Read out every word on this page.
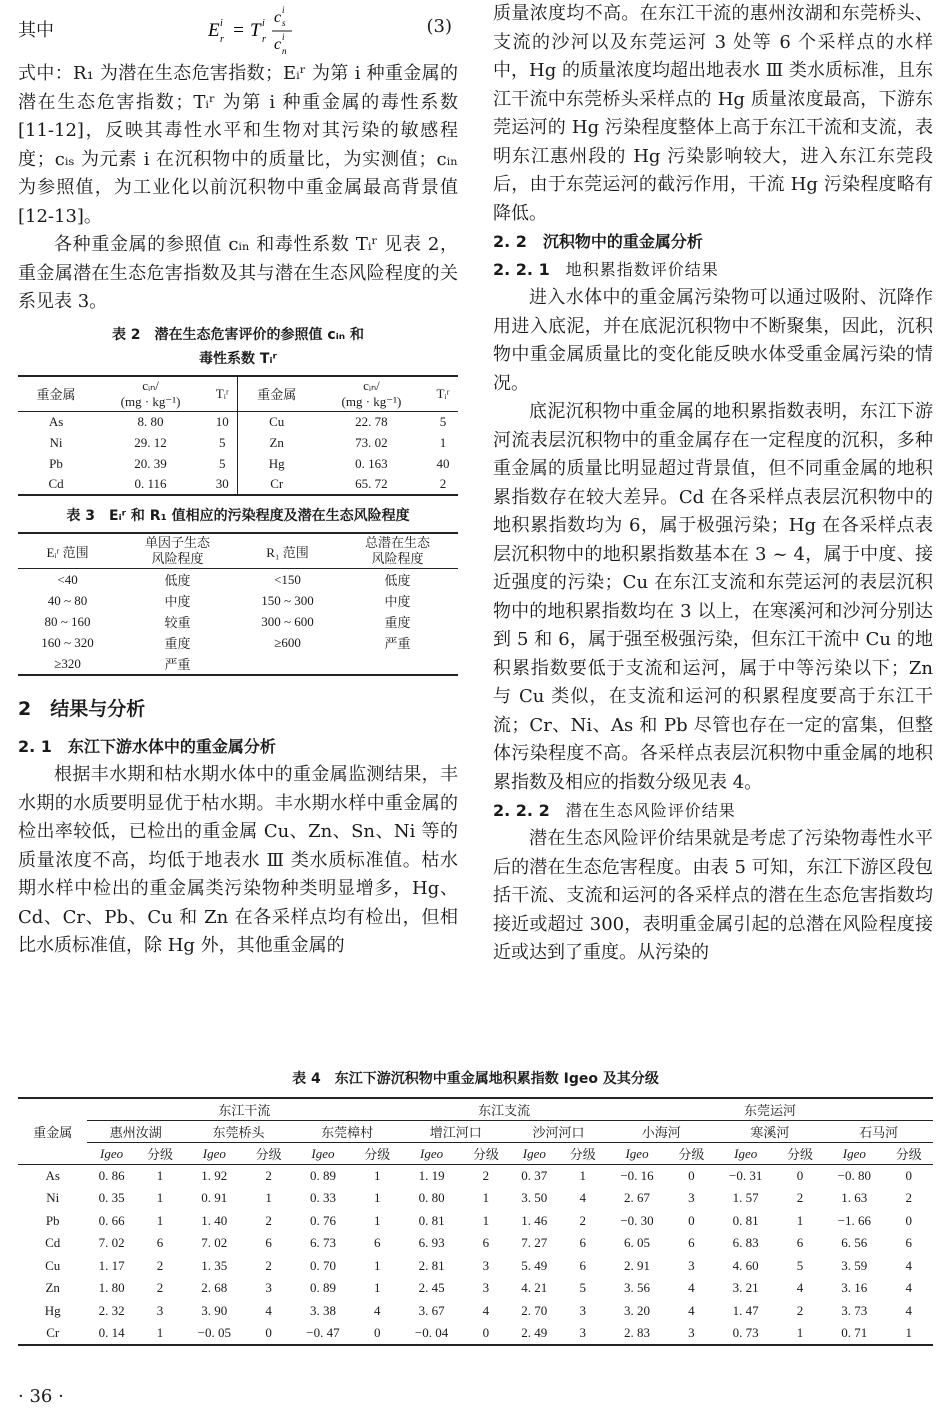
其中	E i
r = T i
r
c i
s
c i
n
(3)

式中：R₁ 为潜在生态危害指数；Eᵢʳ 为第 i 种重金属的潜在生态危害指数；Tᵢʳ 为第 i 种重金属的毒性系数[11-12]，反映其毒性水平和生物对其污染的敏感程度；cᵢₛ 为元素 i 在沉积物中的质量比，为实测值；cᵢₙ 为参照值，为工业化以前沉积物中重金属最高背景值[12-13]。

各种重金属的参照值 cᵢₙ 和毒性系数 Tᵢʳ 见表 2，重金属潜在生态危害指数及其与潜在生态风险程度的关系见表 3。

表 2　潜在生态危害评价的参照值 cᵢₙ 和
毒性系数 Tᵢʳ
重金属	cᵢₙ/
(mg · kg⁻¹)	Tᵢʳ	重金属	cᵢₙ/
(mg · kg⁻¹)	Tᵢʳ
As	8. 80	10	Cu	22. 78	5
Ni	29. 12	5	Zn	73. 02	1
Pb	20. 39	5	Hg	0. 163	40
Cd	0. 116	30	Cr	65. 72	2
表 3　Eᵢʳ 和 R₁ 值相应的污染程度及潜在生态风险程度
Eᵢʳ 范围	单因子生态
风险程度	R₁ 范围	总潜在生态
风险程度
<40	低度	<150	低度
40 ~ 80	中度	150 ~ 300	中度
80 ~ 160	较重	300 ~ 600	重度
160 ~ 320	重度	≥600	严重
≥320	严重		
2　结果与分析
2. 1　东江下游水体中的重金属分析

根据丰水期和枯水期水体中的重金属监测结果，丰水期的水质要明显优于枯水期。丰水期水样中重金属的检出率较低，已检出的重金属 Cu、Zn、Sn、Ni 等的质量浓度不高，均低于地表水 Ⅲ 类水质标准值。枯水期水样中检出的重金属类污染物种类明显增多，Hg、Cd、Cr、Pb、Cu 和 Zn 在各采样点均有检出，但相比水质标准值，除 Hg 外，其他重金属的

质量浓度均不高。在东江干流的惠州汝湖和东莞桥头、支流的沙河以及东莞运河 3 处等 6 个采样点的水样中，Hg 的质量浓度均超出地表水 Ⅲ 类水质标准，且东江干流中东莞桥头采样点的 Hg 质量浓度最高，下游东莞运河的 Hg 污染程度整体上高于东江干流和支流，表明东江惠州段的 Hg 污染影响较大，进入东江东莞段后，由于东莞运河的截污作用，干流 Hg 污染程度略有降低。

2. 2　沉积物中的重金属分析
2. 2. 1　 地积累指数评价结果

进入水体中的重金属污染物可以通过吸附、沉降作用进入底泥，并在底泥沉积物中不断聚集，因此，沉积物中重金属质量比的变化能反映水体受重金属污染的情况。

底泥沉积物中重金属的地积累指数表明，东江下游河流表层沉积物中的重金属存在一定程度的沉积，多种重金属的质量比明显超过背景值，但不同重金属的地积累指数存在较大差异。Cd 在各采样点表层沉积物中的地积累指数均为 6，属于极强污染；Hg 在各采样点表层沉积物中的地积累指数基本在 3 ~ 4，属于中度、接近强度的污染；Cu 在东江支流和东莞运河的表层沉积物中的地积累指数均在 3 以上，在寒溪河和沙河分别达到 5 和 6，属于强至极强污染，但东江干流中 Cu 的地积累指数要低于支流和运河，属于中等污染以下；Zn 与 Cu 类似，在支流和运河的积累程度要高于东江干流；Cr、Ni、As 和 Pb 尽管也存在一定的富集，但整体污染程度不高。各采样点表层沉积物中重金属的地积累指数及相应的指数分级见表 4。

2. 2. 2　 潜在生态风险评价结果

潜在生态风险评价结果就是考虑了污染物毒性水平后的潜在生态危害程度。由表 5 可知，东江下游区段包括干流、支流和运河的各采样点的潜在生态危害指数均接近或超过 300，表明重金属引起的总潜在风险程度接近或达到了重度。从污染的

表 4　东江下游沉积物中重金属地积累指数 Igeo 及其分级
重金属	东江干流						东江支流				东莞运河					
	惠州汝湖		东莞桥头		东莞樟村		增江河口		沙河河口		小海河		寒溪河		石马河	
	Igeo	分级	Igeo	分级	Igeo	分级	Igeo	分级	Igeo	分级	Igeo	分级	Igeo	分级	Igeo	分级
As	0. 86	1	1. 92	2	0. 89	1	1. 19	2	0. 37	1	−0. 16	0	−0. 31	0	−0. 80	0
Ni	0. 35	1	0. 91	1	0. 33	1	0. 80	1	3. 50	4	2. 67	3	1. 57	2	1. 63	2
Pb	0. 66	1	1. 40	2	0. 76	1	0. 81	1	1. 46	2	−0. 30	0	0. 81	1	−1. 66	0
Cd	7. 02	6	7. 02	6	6. 73	6	6. 93	6	7. 27	6	6. 05	6	6. 83	6	6. 56	6
Cu	1. 17	2	1. 35	2	0. 70	1	2. 81	3	5. 49	6	2. 91	3	4. 60	5	3. 59	4
Zn	1. 80	2	2. 68	3	0. 89	1	2. 45	3	4. 21	5	3. 56	4	3. 21	4	3. 16	4
Hg	2. 32	3	3. 90	4	3. 38	4	3. 67	4	2. 70	3	3. 20	4	1. 47	2	3. 73	4
Cr	0. 14	1	−0. 05	0	−0. 47	0	−0. 04	0	2. 49	3	2. 83	3	0. 73	1	0. 71	1
· 36 ·
